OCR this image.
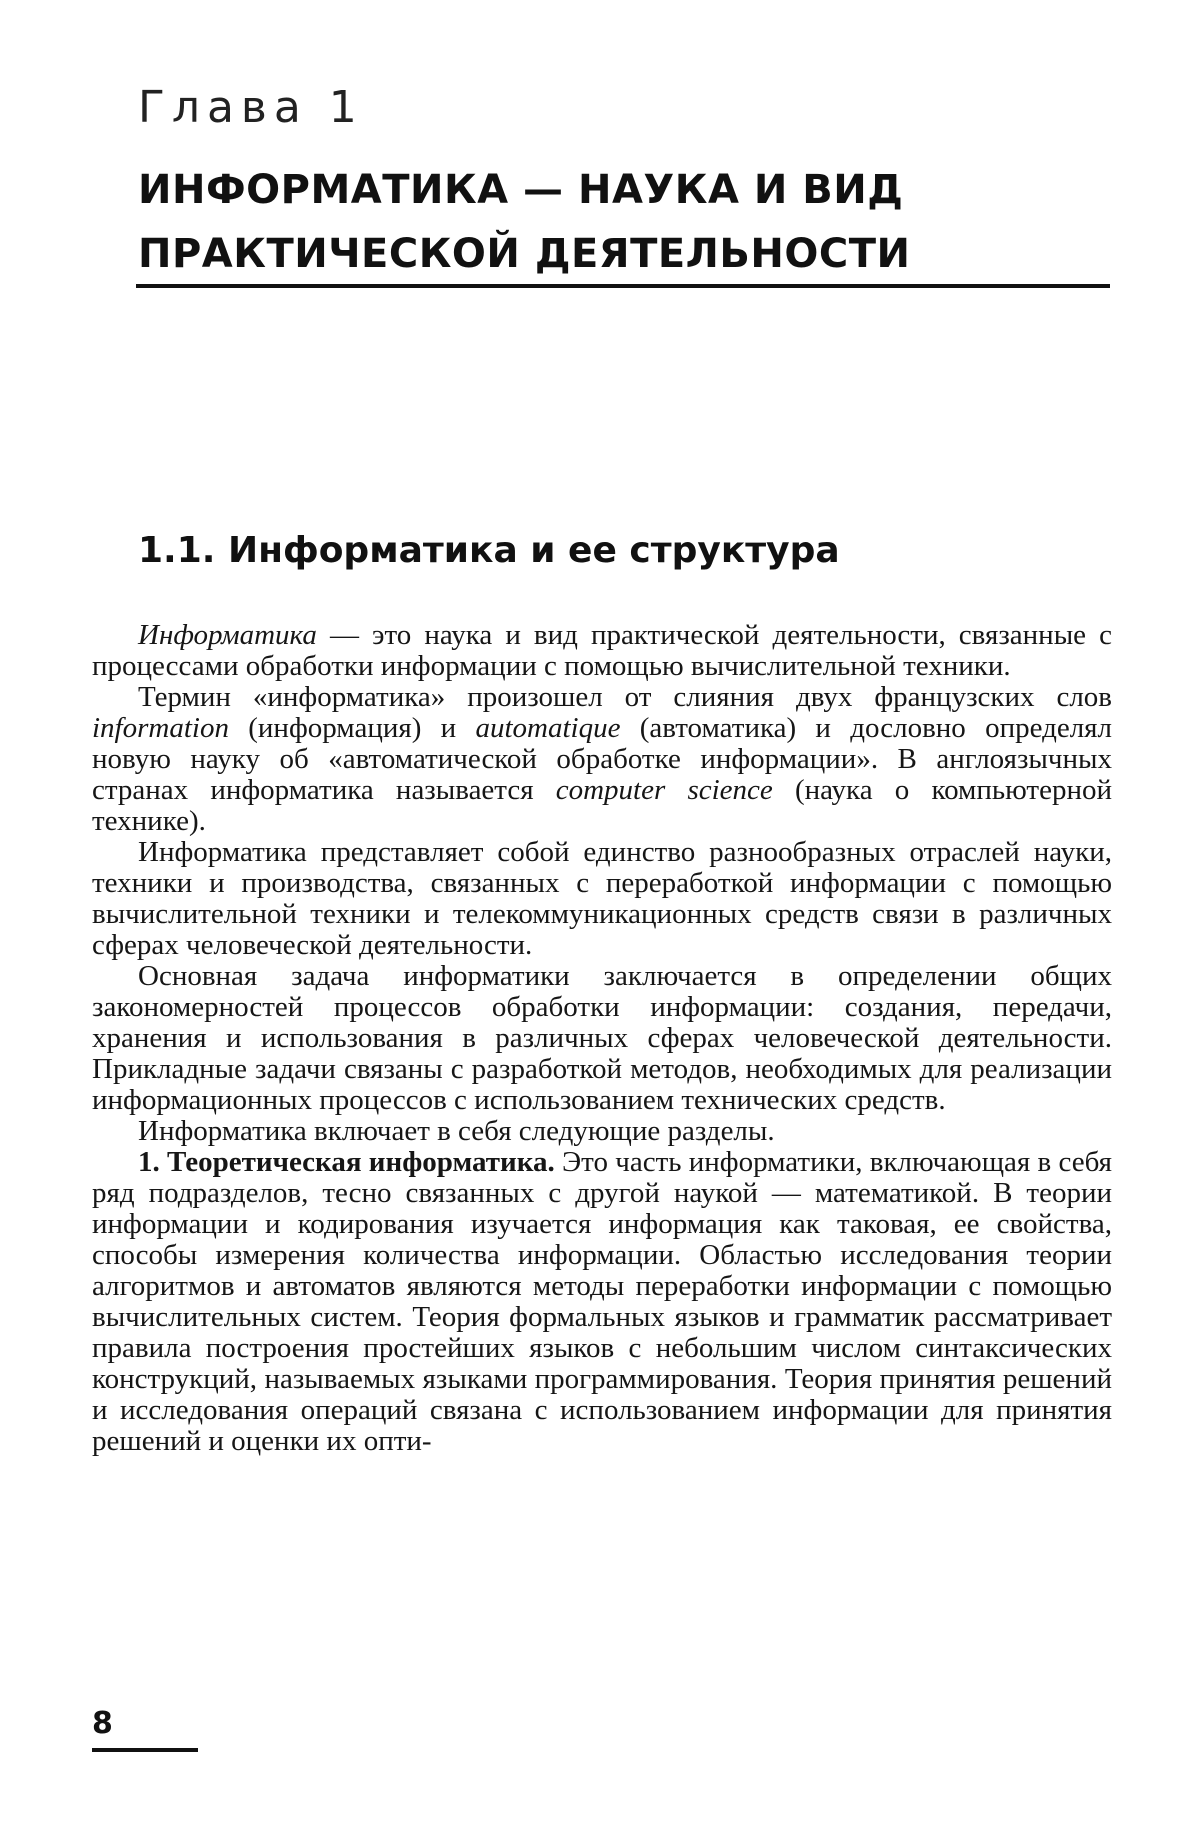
Глава 1
ИНФОРМАТИКА — НАУКА И ВИД
ПРАКТИЧЕСКОЙ ДЕЯТЕЛЬНОСТИ
1.1. Информатика и ее структура

Информатика — это наука и вид практической деятельности, связанные с процессами обработки информации с помощью вычислительной техники.

Термин «информатика» произошел от слияния двух французских слов information (информация) и automatique (автоматика) и дословно определял новую науку об «автоматической обработке информации». В англоязычных странах информатика называется computer science (наука о компьютерной технике).

Информатика представляет собой единство разнообразных отраслей науки, техники и производства, связанных с переработкой информации с помощью вычислительной техники и телекоммуникационных средств связи в различных сферах человеческой деятельности.

Основная задача информатики заключается в определении общих закономерностей процессов обработки информации: создания, передачи, хранения и использования в различных сферах человеческой деятельности. Прикладные задачи связаны с разработкой методов, необходимых для реализации информационных процессов с использованием технических средств.

Информатика включает в себя следующие разделы.

1. Теоретическая информатика. Это часть информатики, включающая в себя ряд подразделов, тесно связанных с другой наукой — математикой. В теории информации и кодирования изучается информация как таковая, ее свойства, способы измерения количества информации. Областью исследования теории алгоритмов и автоматов являются методы переработки информации с помощью вычислительных систем. Теория формальных языков и грамматик рассматривает правила построения простейших языков с небольшим числом синтаксических конструкций, называемых языками программирования. Теория принятия решений и исследования операций связана с использованием информации для принятия решений и оценки их опти-

8
